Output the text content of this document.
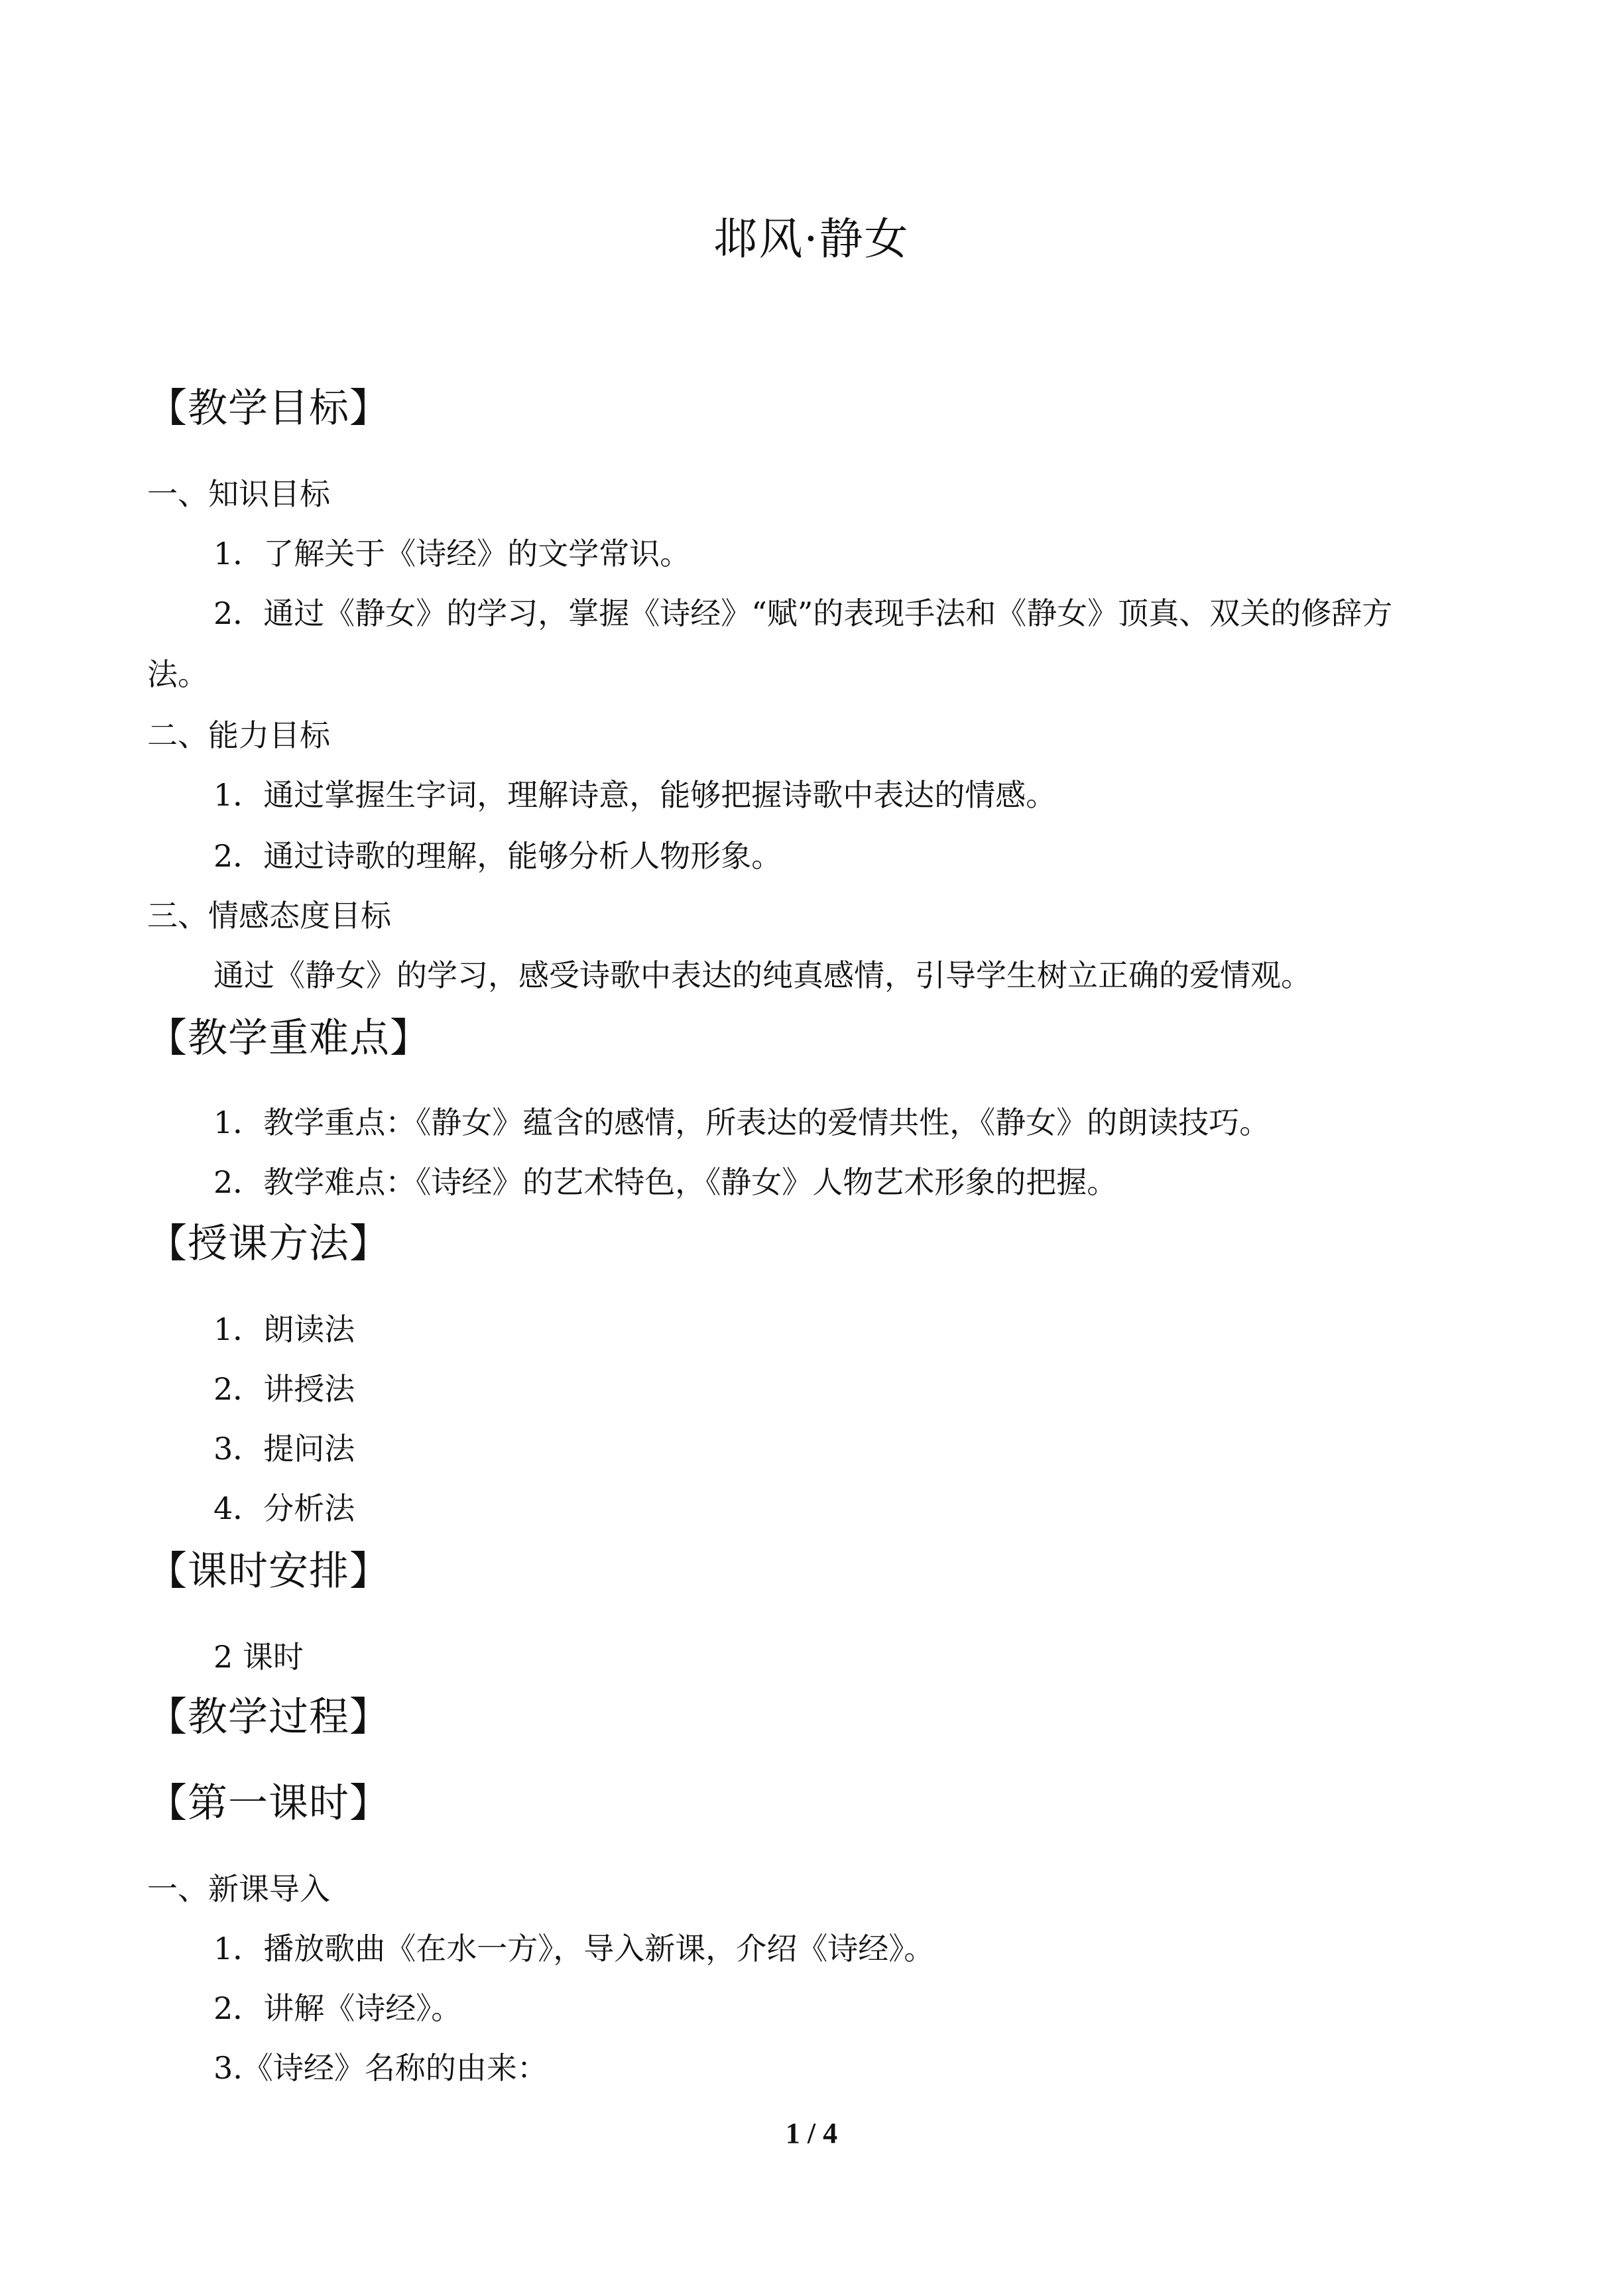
邶风·静女
【教学目标】
一、知识目标
1．了解关于《诗经》的文学常识。
2．通过《静女》的学习，掌握《诗经》“赋”的表现手法和《静女》顶真、双关的修辞方
法。
二、能力目标
1．通过掌握生字词，理解诗意，能够把握诗歌中表达的情感。
2．通过诗歌的理解，能够分析人物形象。
三、情感态度目标
通过《静女》的学习，感受诗歌中表达的纯真感情，引导学生树立正确的爱情观。
【教学重难点】
1．教学重点：《静女》蕴含的感情，所表达的爱情共性，《静女》的朗读技巧。
2．教学难点：《诗经》的艺术特色，《静女》人物艺术形象的把握。
【授课方法】
1．朗读法
2．讲授法
3．提问法
4．分析法
【课时安排】
2 课时
【教学过程】
【第一课时】
一、新课导入
1．播放歌曲《在水一方》，导入新课，介绍《诗经》。
2．讲解《诗经》。
3.《诗经》名称的由来：
1 / 4
